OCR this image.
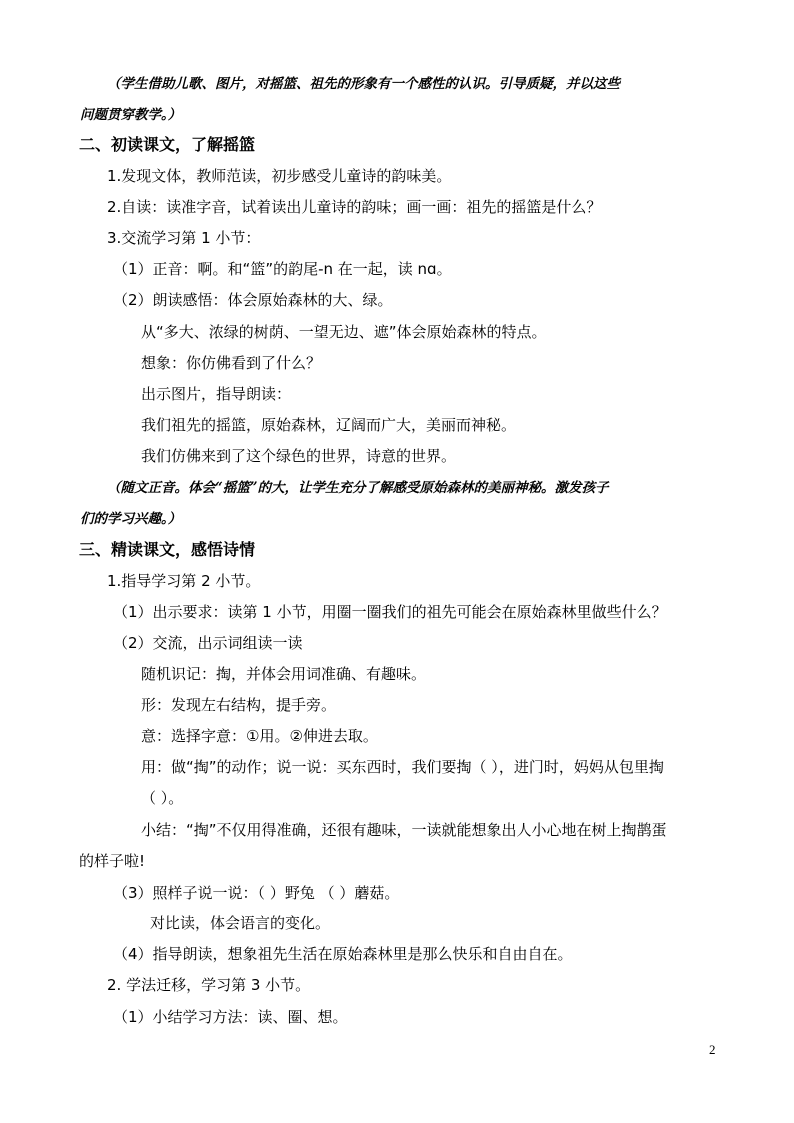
（学生借助儿歌、图片，对摇篮、祖先的形象有一个感性的认识。引导质疑，并以这些
问题贯穿教学。）
二、初读课文，了解摇篮
1.发现文体，教师范读，初步感受儿童诗的韵味美。
2.自读：读准字音，试着读出儿童诗的韵味；画一画：祖先的摇篮是什么？
3.交流学习第 1 小节：
（1）正音：啊。和“篮”的韵尾-n 在一起，读 nɑ。
（2）朗读感悟：体会原始森林的大、绿。
从“多大、浓绿的树荫、一望无边、遮”体会原始森林的特点。
想象：你仿佛看到了什么？
出示图片，指导朗读：
我们祖先的摇篮，原始森林，辽阔而广大，美丽而神秘。
我们仿佛来到了这个绿色的世界，诗意的世界。
（随文正音。体会“摇篮”的大，让学生充分了解感受原始森林的美丽神秘。激发孩子
们的学习兴趣。）
三、精读课文，感悟诗情
1.指导学习第 2 小节。
（1）出示要求：读第 1 小节，用圈一圈我们的祖先可能会在原始森林里做些什么？
（2）交流，出示词组读一读
随机识记：掏，并体会用词准确、有趣味。
形：发现左右结构，提手旁。
意：选择字意：①用。②伸进去取。
用：做“掏”的动作；说一说：买东西时，我们要掏（ ），进门时，妈妈从包里掏
（ ）。
小结：“掏”不仅用得准确，还很有趣味，一读就能想象出人小心地在树上掏鹊蛋
的样子啦!
（3）照样子说一说：（ ）野兔 （ ）蘑菇。
对比读，体会语言的变化。
（4）指导朗读，想象祖先生活在原始森林里是那么快乐和自由自在。
2. 学法迁移，学习第 3 小节。
（1）小结学习方法：读、圈、想。
2
